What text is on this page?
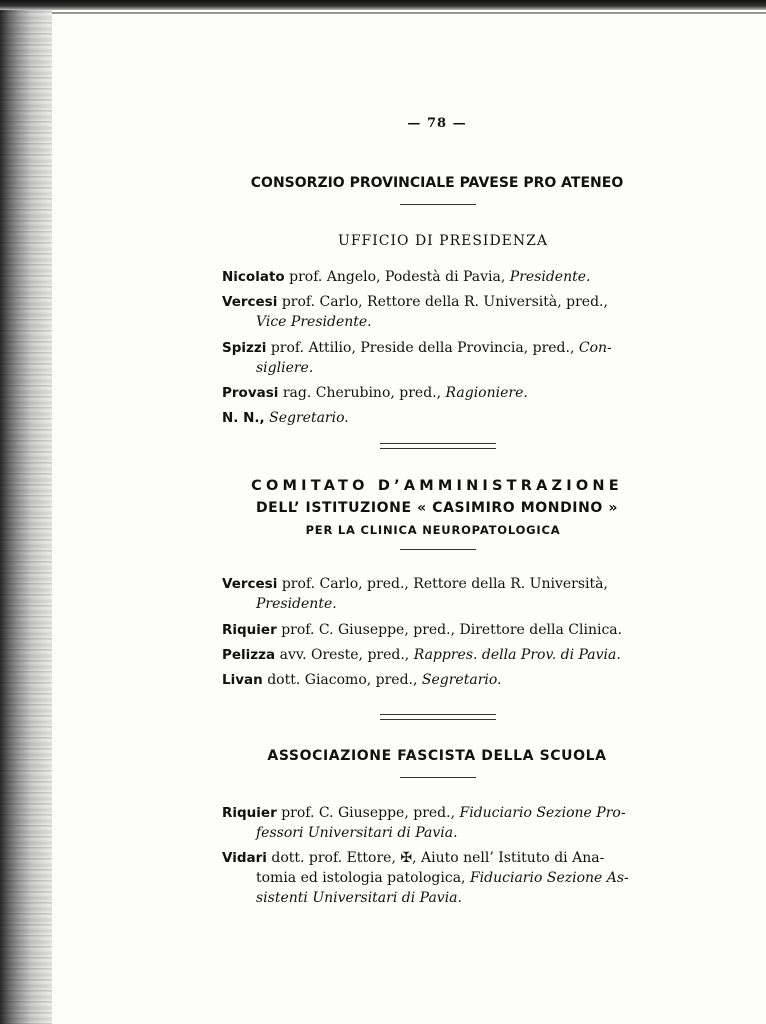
— 78 —
CONSORZIO PROVINCIALE PAVESE PRO ATENEO
UFFICIO DI PRESIDENZA
Nicolato prof. Angelo, Podestà di Pavia, Presidente.
Vercesi prof. Carlo, Rettore della R. Università, pred.,
Vice Presidente.
Spizzi prof. Attilio, Preside della Provincia, pred., Con-
sigliere.
Provasi rag. Cherubino, pred., Ragioniere.
N. N., Segretario.
COMITATO D’AMMINISTRAZIONE
DELL’ ISTITUZIONE « CASIMIRO MONDINO »
PER LA CLINICA NEUROPATOLOGICA
Vercesi prof. Carlo, pred., Rettore della R. Università,
Presidente.
Riquier prof. C. Giuseppe, pred., Direttore della Clinica.
Pelizza avv. Oreste, pred., Rappres. della Prov. di Pavia.
Livan dott. Giacomo, pred., Segretario.
ASSOCIAZIONE FASCISTA DELLA SCUOLA
Riquier prof. C. Giuseppe, pred., Fiduciario Sezione Pro-
fessori Universitari di Pavia.
Vidari dott. prof. Ettore, ✠, Aiuto nell’ Istituto di Ana-
tomia ed istologia patologica, Fiduciario Sezione As-
sistenti Universitari di Pavia.
